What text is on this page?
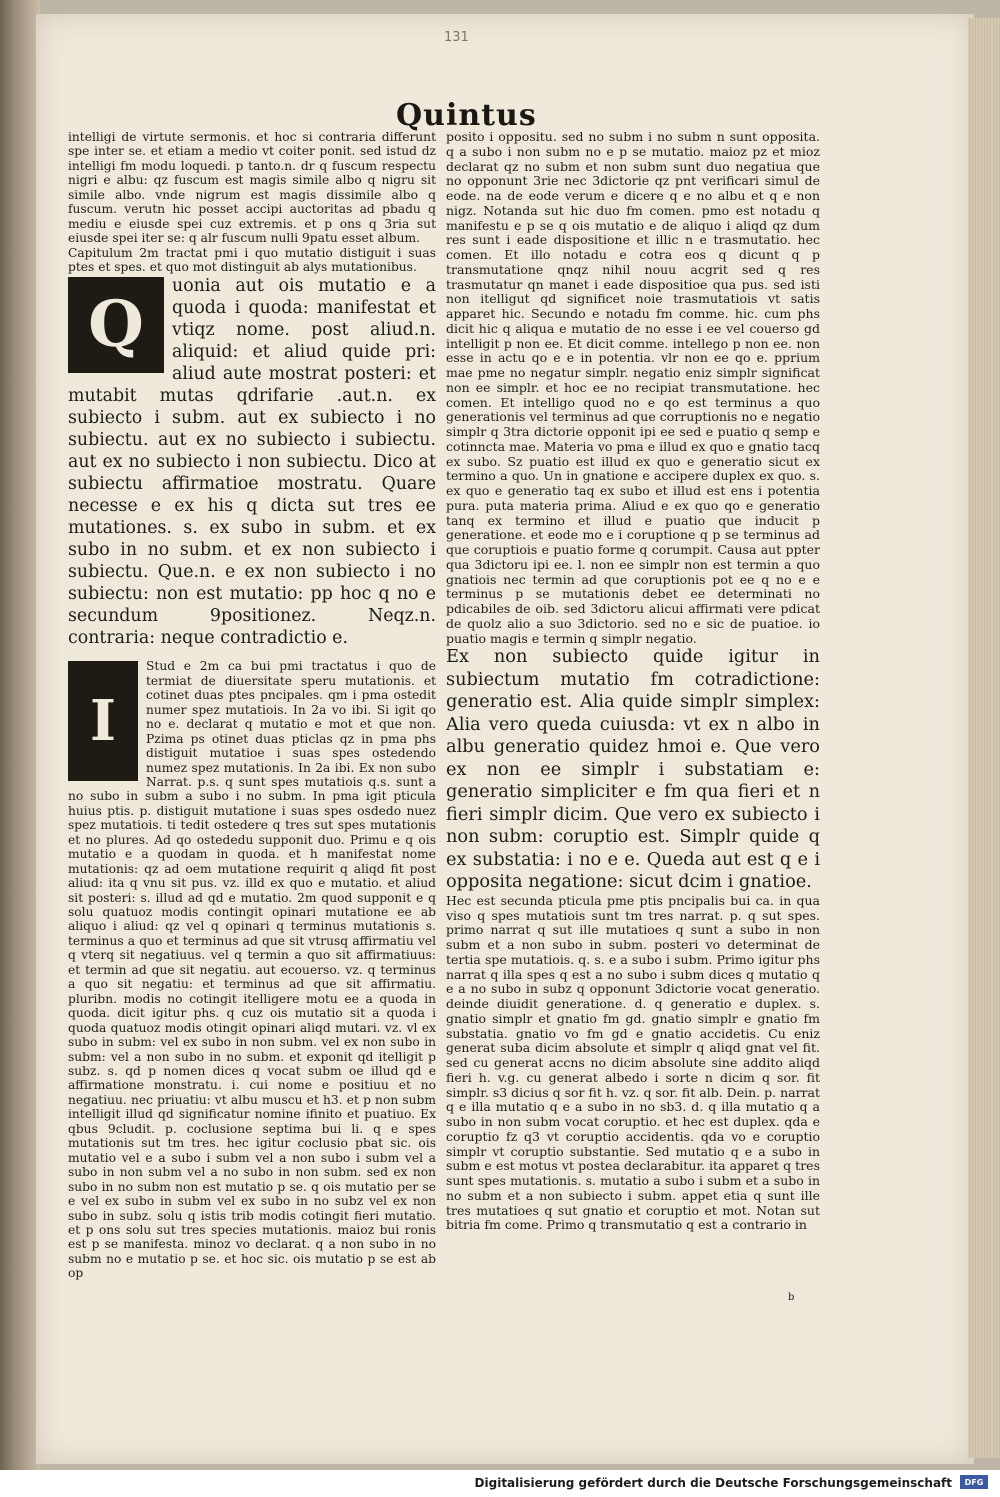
131
Quintus

intelligi de virtute sermonis. et hoc si contraria differunt spe inter se. et etiam a medio vt coiter ponit. sed istud dz intelligi fm modu loquedi. p tanto.n. dr q fuscum respectu nigri e albu: qz fuscum est magis simile albo q nigru sit simile albo. vnde nigrum est magis dissimile albo q fuscum. verutn hic posset accipi auctoritas ad pbadu q mediu e eiusde spei cuz extremis. et p ons q 3ria sut eiusde spei iter se: q alr fuscum nulli 9patu esset album.

Capitulum 2m tractat pmi i quo mutatio distiguit i suas ptes et spes. et quo mot distinguit ab alys mutationibus.

Q

uonia aut ois mutatio e a quoda i quoda: manifestat et vtiqz nome. post aliud.n. aliquid: et aliud quide pri: aliud aute mostrat posteri: et mutabit mutas qdrifarie .aut.n. ex subiecto i subm. aut ex subiecto i no subiectu. aut ex no subiecto i subiectu. aut ex no subiecto i non subiectu. Dico at subiectu affirmatioe mostratu. Quare necesse e ex his q dicta sut tres ee mutationes. s. ex subo in subm. et ex subo in no subm. et ex non subiecto i subiectu. Que.n. e ex non subiecto i no subiectu: non est mutatio: pp hoc q no e secundum 9positionez. Neqz.n. contraria: neque contradictio e.

I

Stud e 2m ca bui pmi tractatus i quo de termiat de diuersitate speru mutationis. et cotinet duas ptes pncipales. qm i pma ostedit numer spez mutatiois. In 2a vo ibi. Si igit qo no e. declarat q mutatio e mot et que non. Pzima ps otinet duas pticlas qz in pma phs distiguit mutatioe i suas spes ostedendo numez spez mutationis. In 2a ibi. Ex non subo Narrat. p.s. q sunt spes mutatiois q.s. sunt a no subo in subm a subo i no subm. In pma igit pticula huius ptis. p. distiguit mutatione i suas spes osdedo nuez spez mutatiois. ti tedit ostedere q tres sut spes mutationis et no plures. Ad qo ostededu supponit duo. Primu e q ois mutatio e a quodam in quoda. et h manifestat nome mutationis: qz ad oem mutatione requirit q aliqd fit post aliud: ita q vnu sit pus. vz. illd ex quo e mutatio. et aliud sit posteri: s. illud ad qd e mutatio. 2m quod supponit e q solu quatuoz modis contingit opinari mutatione ee ab aliquo i aliud: qz vel q opinari q terminus mutationis s. terminus a quo et terminus ad que sit vtrusq affirmatiu vel q vterq sit negatiuus. vel q termin a quo sit affirmatiuus: et termin ad que sit negatiu. aut ecouerso. vz. q terminus a quo sit negatiu: et terminus ad que sit affirmatiu. pluribn. modis no cotingit itelligere motu ee a quoda in quoda. dicit igitur phs. q cuz ois mutatio sit a quoda i quoda quatuoz modis otingit opinari aliqd mutari. vz. vl ex subo in subm: vel ex subo in non subm. vel ex non subo in subm: vel a non subo in no subm. et exponit qd itelligit p subz. s. qd p nomen dices q vocat subm oe illud qd e affirmatione monstratu. i. cui nome e positiuu et no negatiuu. nec priuatiu: vt albu muscu et h3. et p non subm intelligit illud qd significatur nomine ifinito et puatiuo. Ex qbus 9cludit. p. coclusione septima bui li. q e spes mutationis sut tm tres. hec igitur coclusio pbat sic. ois mutatio vel e a subo i subm vel a non subo i subm vel a subo in non subm vel a no subo in non subm. sed ex non subo in no subm non est mutatio p se. q ois mutatio per se e vel ex subo in subm vel ex subo in no subz vel ex non subo in subz. solu q istis trib modis cotingit fieri mutatio. et p ons solu sut tres species mutationis. maioz bui ronis est p se manifesta. minoz vo declarat. q a non subo in no subm no e mutatio p se. et hoc sic. ois mutatio p se est ab op

posito i oppositu. sed no subm i no subm n sunt opposita. q a subo i non subm no e p se mutatio. maioz pz et mioz declarat qz no subm et non subm sunt duo negatiua que no opponunt 3rie nec 3dictorie qz pnt verificari simul de eode. na de eode verum e dicere q e no albu et q e non nigz. Notanda sut hic duo fm comen. pmo est notadu q manifestu e p se q ois mutatio e de aliquo i aliqd qz dum res sunt i eade dispositione et illic n e trasmutatio. hec comen. Et illo notadu e cotra eos q dicunt q p transmutatione qnqz nihil nouu acgrit sed q res trasmutatur qn manet i eade dispositioe qua pus. sed isti non itelligut qd significet noie trasmutatiois vt satis apparet hic. Secundo e notadu fm comme. hic. cum phs dicit hic q aliqua e mutatio de no esse i ee vel couerso gd intelligit p non ee. Et dicit comme. intellego p non ee. non esse in actu qo e e in potentia. vlr non ee qo e. pprium mae pme no negatur simplr. negatio eniz simplr significat non ee simplr. et hoc ee no recipiat transmutatione. hec comen. Et intelligo quod no e qo est terminus a quo generationis vel terminus ad que corruptionis no e negatio simplr q 3tra dictorie opponit ipi ee sed e puatio q semp e cotinncta mae. Materia vo pma e illud ex quo e gnatio tacq ex subo. Sz puatio est illud ex quo e generatio sicut ex termino a quo. Un in gnatione e accipere duplex ex quo. s. ex quo e generatio taq ex subo et illud est ens i potentia pura. puta materia prima. Aliud e ex quo qo e generatio tanq ex termino et illud e puatio que inducit p generatione. et eode mo e i coruptione q p se terminus ad que coruptiois e puatio forme q corumpit. Causa aut ppter qua 3dictoru ipi ee. l. non ee simplr non est termin a quo gnatiois nec termin ad que coruptionis pot ee q no e e terminus p se mutationis debet ee determinati no pdicabiles de oib. sed 3dictoru alicui affirmati vere pdicat de quolz alio a suo 3dictorio. sed no e sic de puatioe. io puatio magis e termin q simplr negatio.

Ex non subiecto quide igitur in subiectum mutatio fm cotradictione: generatio est. Alia quide simplr simplex: Alia vero queda cuiusda: vt ex n albo in albu generatio quidez hmoi e. Que vero ex non ee simplr i substatiam e: generatio simpliciter e fm qua fieri et n fieri simplr dicim. Que vero ex subiecto i non subm: coruptio est. Simplr quide q ex substatia: i no e e. Queda aut est q e i opposita negatione: sicut dcim i gnatioe.

Hec est secunda pticula pme ptis pncipalis bui ca. in qua viso q spes mutatiois sunt tm tres narrat. p. q sut spes. primo narrat q sut ille mutatioes q sunt a subo in non subm et a non subo in subm. posteri vo determinat de tertia spe mutatiois. q. s. e a subo i subm. Primo igitur phs narrat q illa spes q est a no subo i subm dices q mutatio q e a no subo in subz q opponunt 3dictorie vocat generatio. deinde diuidit generatione. d. q generatio e duplex. s. gnatio simplr et gnatio fm gd. gnatio simplr e gnatio fm substatia. gnatio vo fm gd e gnatio accidetis. Cu eniz generat suba dicim absolute et simplr q aliqd gnat vel fit. sed cu generat accns no dicim absolute sine addito aliqd fieri h. v.g. cu generat albedo i sorte n dicim q sor. fit simplr. s3 dicius q sor fit h. vz. q sor. fit alb. Dein. p. narrat q e illa mutatio q e a subo in no sb3. d. q illa mutatio q a subo in non subm vocat coruptio. et hec est duplex. qda e coruptio fz q3 vt coruptio accidentis. qda vo e coruptio simplr vt coruptio substantie. Sed mutatio q e a subo in subm e est motus vt postea declarabitur. ita apparet q tres sunt spes mutationis. s. mutatio a subo i subm et a subo in no subm et a non subiecto i subm. appet etia q sunt ille tres mutatioes q sut gnatio et coruptio et mot. Notan sut bitria fm come. Primo q transmutatio q est a contrario in

b
Digitalisierung gefördert durch die Deutsche Forschungsgemeinschaft	DFG
